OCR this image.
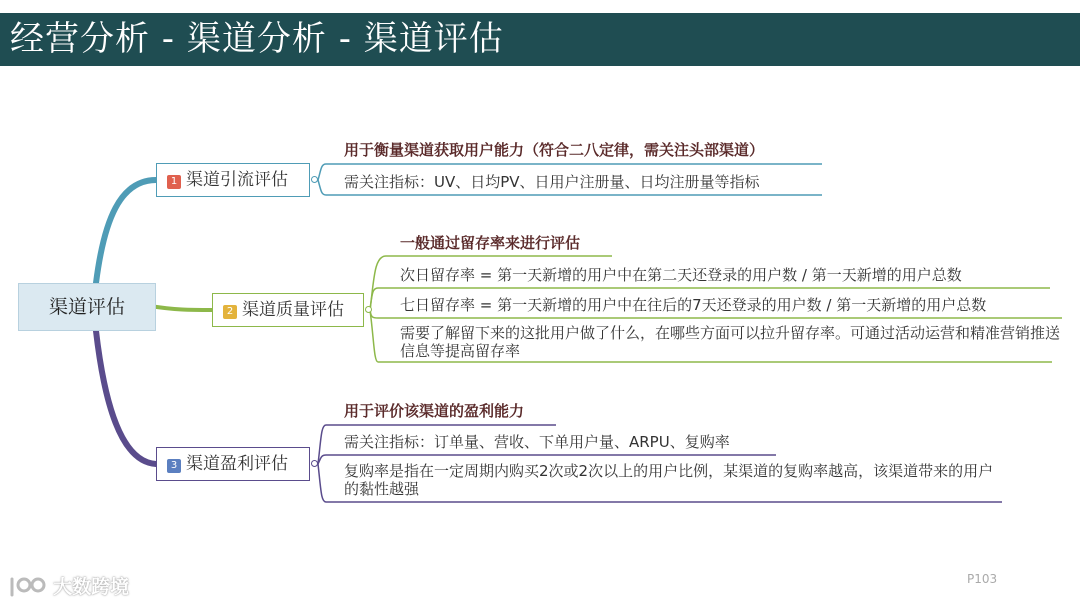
经营分析 - 渠道分析 - 渠道评估
渠道评估
1 渠道引流评估
用于衡量渠道获取用户能力（符合二八定律，需关注头部渠道）
需关注指标：UV、日均PV、日用户注册量、日均注册量等指标
2 渠道质量评估
一般通过留存率来进行评估
次日留存率 = 第一天新增的用户中在第二天还登录的用户数 / 第一天新增的用户总数
七日留存率 = 第一天新增的用户中在往后的7天还登录的用户数 / 第一天新增的用户总数
需要了解留下来的这批用户做了什么，在哪些方面可以拉升留存率。可通过活动运营和精准营销推送信息等提高留存率
3 渠道盈利评估
用于评价该渠道的盈利能力
需关注指标：订单量、营收、下单用户量、ARPU、复购率
复购率是指在一定周期内购买2次或2次以上的用户比例，某渠道的复购率越高，该渠道带来的用户的黏性越强
P103
大数跨境
